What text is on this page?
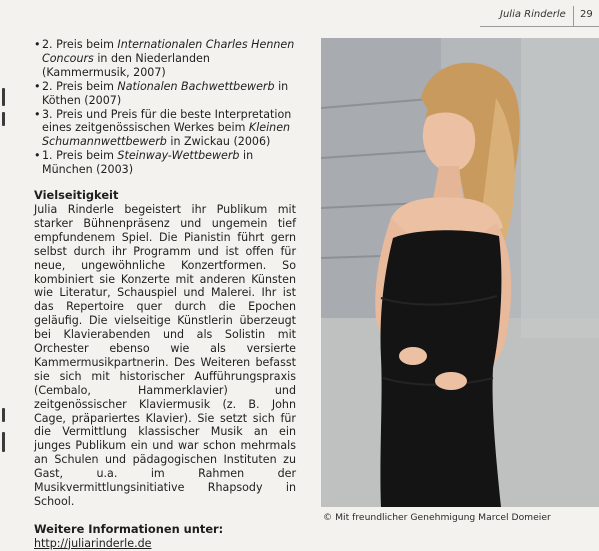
Julia Rinderle 29
• 2. Preis beim Internationalen Charles Hennen Concours in den Niederlanden (Kammermusik, 2007)
• 2. Preis beim Nationalen Bachwettbewerb in Köthen (2007)
• 3. Preis und Preis für die beste Interpretation eines zeitgenössischen Werkes beim Kleinen Schumannwettbewerb in Zwickau (2006)
• 1. Preis beim Steinway-Wettbewerb in München (2003)
Vielseitigkeit

Julia Rinderle begeistert ihr Publikum mit starker Bühnenpräsenz und ungemein tief empfundenem Spiel. Die Pianistin führt gern selbst durch ihr Programm und ist offen für neue, ungewöhnliche Konzertformen. So kombiniert sie Konzerte mit anderen Künsten wie Literatur, Schauspiel und Malerei. Ihr ist das Repertoire quer durch die Epochen geläufig. Die vielseitige Künstlerin überzeugt bei Klavierabenden und als Solistin mit Orchester ebenso wie als versierte Kammermusikpartnerin. Des Weiteren befasst sie sich mit historischer Aufführungspraxis (Cembalo, Hammerklavier) und zeitgenössischer Klaviermusik (z. B. John Cage, präpariertes Klavier). Sie setzt sich für die Vermittlung klassischer Musik an ein junges Publikum ein und war schon mehrmals an Schulen und pädagogischen Instituten zu Gast, u.a. im Rahmen der Musikvermittlungsinitiative Rhapsody in School.

Weitere Informationen unter:
http://juliarinderle.de
© Mit freundlicher Genehmigung Marcel Domeier
